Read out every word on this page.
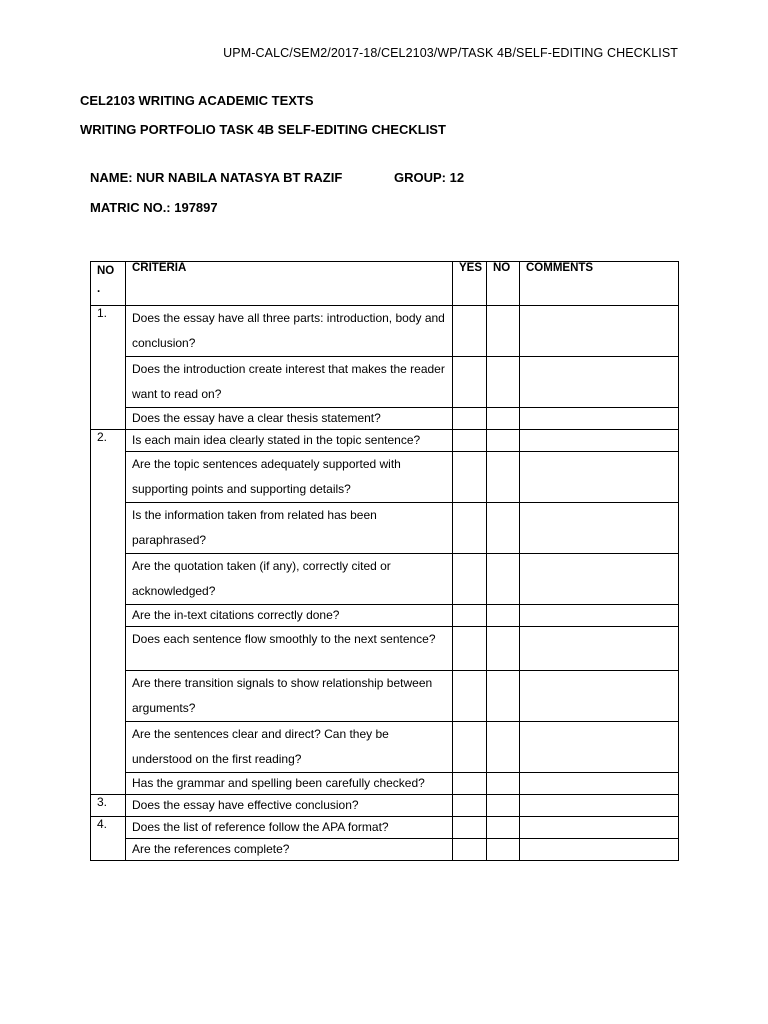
UPM-CALC/SEM2/2017-18/CEL2103/WP/TASK 4B/SELF-EDITING CHECKLIST
CEL2103 WRITING ACADEMIC TEXTS
WRITING PORTFOLIO TASK 4B SELF-EDITING CHECKLIST
NAME: NUR NABILA NATASYA BT RAZIF	GROUP: 12
MATRIC NO.: 197897
NO
.	CRITERIA	YES	NO	COMMENTS
1.	Does the essay have all three parts: introduction, body and conclusion?			
	Does the introduction create interest that makes the reader want to read on?			
	Does the essay have a clear thesis statement?			
2.	Is each main idea clearly stated in the topic sentence?			
	Are the topic sentences adequately supported with supporting points and supporting details?			
	Is the information taken from related has been paraphrased?			
	Are the quotation taken (if any), correctly cited or acknowledged?			
	Are the in-text citations correctly done?			
	Does each sentence flow smoothly to the next sentence?			
	Are there transition signals to show relationship between arguments?			
	Are the sentences clear and direct? Can they be understood on the first reading?			
	Has the grammar and spelling been carefully checked?			
3.	Does the essay have effective conclusion?			
4.	Does the list of reference follow the APA format?			
	Are the references complete?			
